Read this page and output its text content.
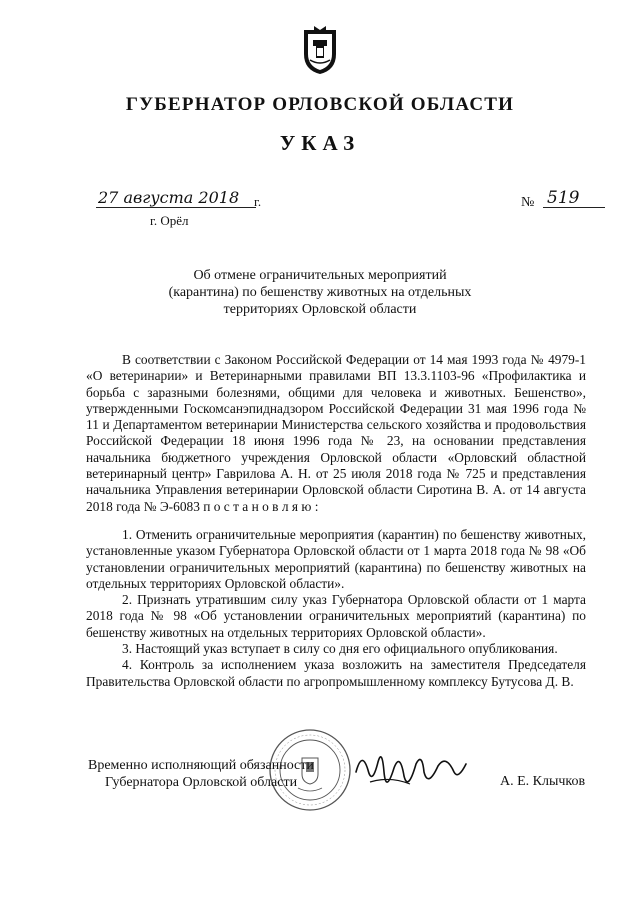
ГУБЕРНАТОР ОРЛОВСКОЙ ОБЛАСТИ
УКАЗ
27 августа 2018	г.
г. Орёл
№ 519
Об отмене ограничительных мероприятий
(карантина) по бешенству животных на отдельных
территориях Орловской области

В соответствии с Законом Российской Федерации от 14 мая 1993 года № 4979-1 «О ветеринарии» и Ветеринарными правилами ВП 13.3.1103-96 «Профилактика и борьба с заразными болезнями, общими для человека и животных. Бешенство», утвержденными Госкомсанэпиднадзором Российской Федерации 31 мая 1996 года № 11 и Департаментом ветеринарии Министерства сельского хозяйства и продовольствия Российской Федерации 18 июня 1996 года № 23, на основании представления начальника бюджетного учреждения Орловской области «Орловский областной ветеринарный центр» Гаврилова А. Н. от 25 июля 2018 года № 725 и представления начальника Управления ветеринарии Орловской области Сиротина В. А. от 14 августа 2018 года № Э-6083 п о с т а н о в л я ю :

1. Отменить ограничительные мероприятия (карантин) по бешенству животных, установленные указом Губернатора Орловской области от 1 марта 2018 года № 98 «Об установлении ограничительных мероприятий (карантина) по бешенству животных на отдельных территориях Орловской области».

2. Признать утратившим силу указ Губернатора Орловской области от 1 марта 2018 года № 98 «Об установлении ограничительных мероприятий (карантина) по бешенству животных на отдельных территориях Орловской области».

3. Настоящий указ вступает в силу со дня его официального опубликования.

4. Контроль за исполнением указа возложить на заместителя Председателя Правительства Орловской области по агропромышленному комплексу Бутусова Д. В.

Временно исполняющий обязанности
Губернатора Орловской области	А. Е. Клычков
